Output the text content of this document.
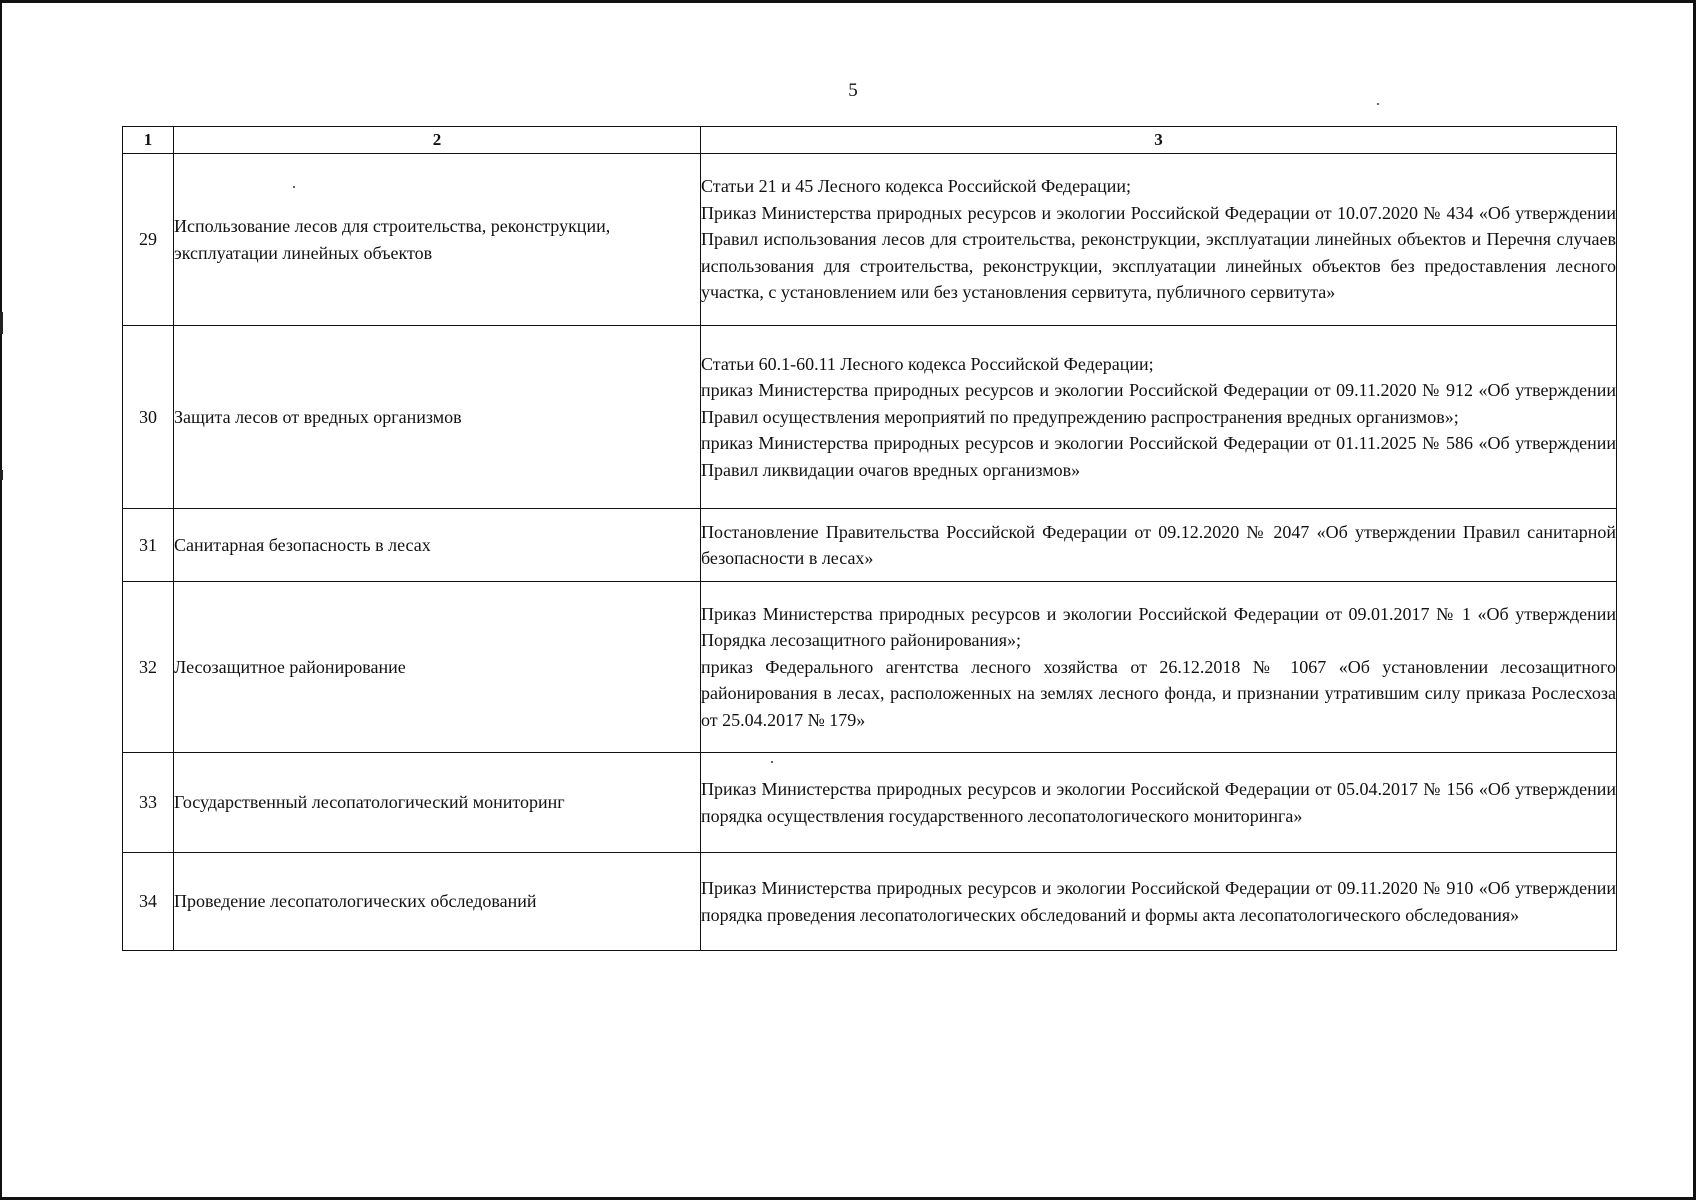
5
1	2	3
29	Использование лесов для строительства, реконструкции, эксплуатации линейных объектов	Статьи 21 и 45 Лесного кодекса Российской Федерации;
Приказ Министерства природных ресурсов и экологии Российской Федерации от 10.07.2020 № 434 «Об утверждении Правил использования лесов для строительства, реконструкции, эксплуатации линейных объектов и Перечня случаев использования для строительства, реконструкции, эксплуатации линейных объектов без предоставления лесного участка, с установлением или без установления сервитута, публичного сервитута»

30	Защита лесов от вредных организмов	Статьи 60.1-60.11 Лесного кодекса Российской Федерации;
приказ Министерства природных ресурсов и экологии Российской Федерации от 09.11.2020 № 912 «Об утверждении Правил осуществления мероприятий по предупреждению распространения вредных организмов»;
приказ Министерства природных ресурсов и экологии Российской Федерации от 01.11.2025 № 586 «Об утверждении Правил ликвидации очагов вредных организмов»

31	Санитарная безопасность в лесах	Постановление Правительства Российской Федерации от 09.12.2020 № 2047 «Об утверждении Правил санитарной безопасности в лесах»

32	Лесозащитное районирование	Приказ Министерства природных ресурсов и экологии Российской Федерации от 09.01.2017 № 1 «Об утверждении Порядка лесозащитного районирования»;
приказ Федерального агентства лесного хозяйства от 26.12.2018 № 1067 «Об установлении лесозащитного районирования в лесах, расположенных на землях лесного фонда, и признании утратившим силу приказа Рослесхоза от 25.04.2017 № 179»

33	Государственный лесопатологический мониторинг	Приказ Министерства природных ресурсов и экологии Российской Федерации от 05.04.2017 № 156 «Об утверждении порядка осуществления государственного лесопатологического мониторинга»

34	Проведение лесопатологических обследований	Приказ Министерства природных ресурсов и экологии Российской Федерации от 09.11.2020 № 910 «Об утверждении порядка проведения лесопатологических обследований и формы акта лесопатологического обследования»
